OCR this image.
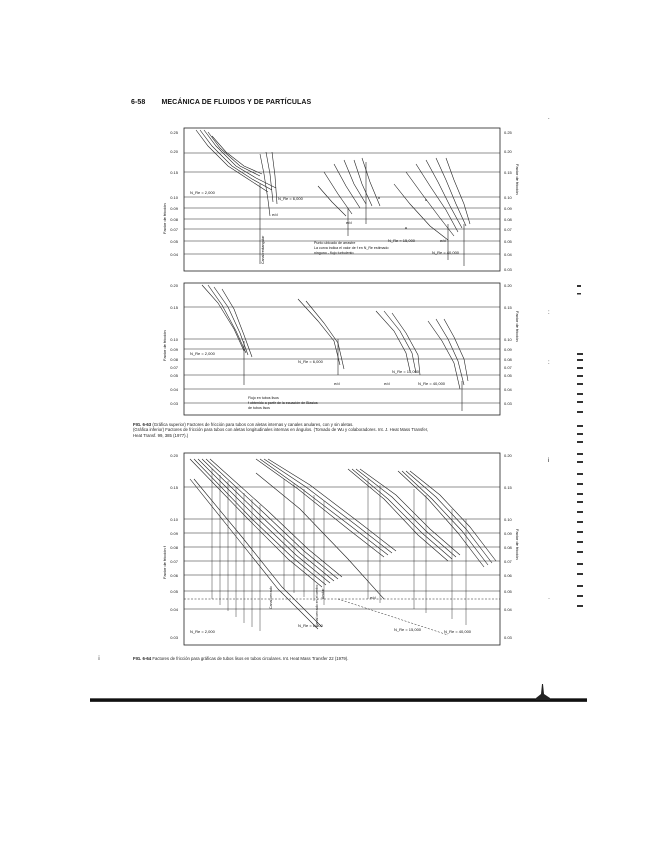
6-58 MECÁNICA DE FLUIDOS Y DE PARTÍCULAS
0.25
0.20
0.15
0.10
0.09
0.08
0.07
0.05
0.04
0.25
0.20
0.15
0.10
0.09
0.08
0.07
0.05
0.04
0.03
Factor de fricción
Factor de fricción
N_Re = 2,000
N_Re = 6,000
N_Re = 15,000
N_Re = 40,000
e/d
e/d
e/d
Punto ubicado de arrastre
La curva indica el valor de f en N_Re estimado
ninguno - flujo turbulento
Canal rectangular
0.20
0.15
0.10
0.09
0.08
0.07
0.05
0.04
0.03
0.20
0.15
0.10
0.09
0.08
0.07
0.05
0.04
0.03
Factor de fricción
Factor de fricción
N_Re = 2,000
N_Re = 6,000
N_Re = 15,000
N_Re = 40,000
e/d	e/d
Flujo en tubos lisos
f obtenido a partir de la ecuación de Blasius
de tubos lisos
FIG. 6-63 (Gráfica superior) Factores de fricción para tubos con aletas internas y canales anulares, con y sin aletas.
(Gráfica inferior) Factores de fricción para tubos con aletas longitudinales internas en ángulos. (Tomado de Wu y colaboradores. Int. J. Heat Mass Transfer,
Heat Transf. 99, 385 (1977).)
0.20
0.15
0.10
0.09
0.08
0.07
0.06
0.05
0.04
0.03
0.20
0.15
0.10
0.09
0.08
0.07
0.06
0.05
0.04
0.03
Factor de fricción f
Factor de fricción
N_Re = 2,000
N_Re = 6,000
N_Re = 15,000	N_Re = 40,000
e/d
Canal cerrado en el centro Anular
Canal cerrado
FIG. 6-64 Factores de fricción para gráficas de tubos lisos en tubos circulares. Int. Heat Mass Transfer 22 (1979).
.
:
:
i
·
¡
